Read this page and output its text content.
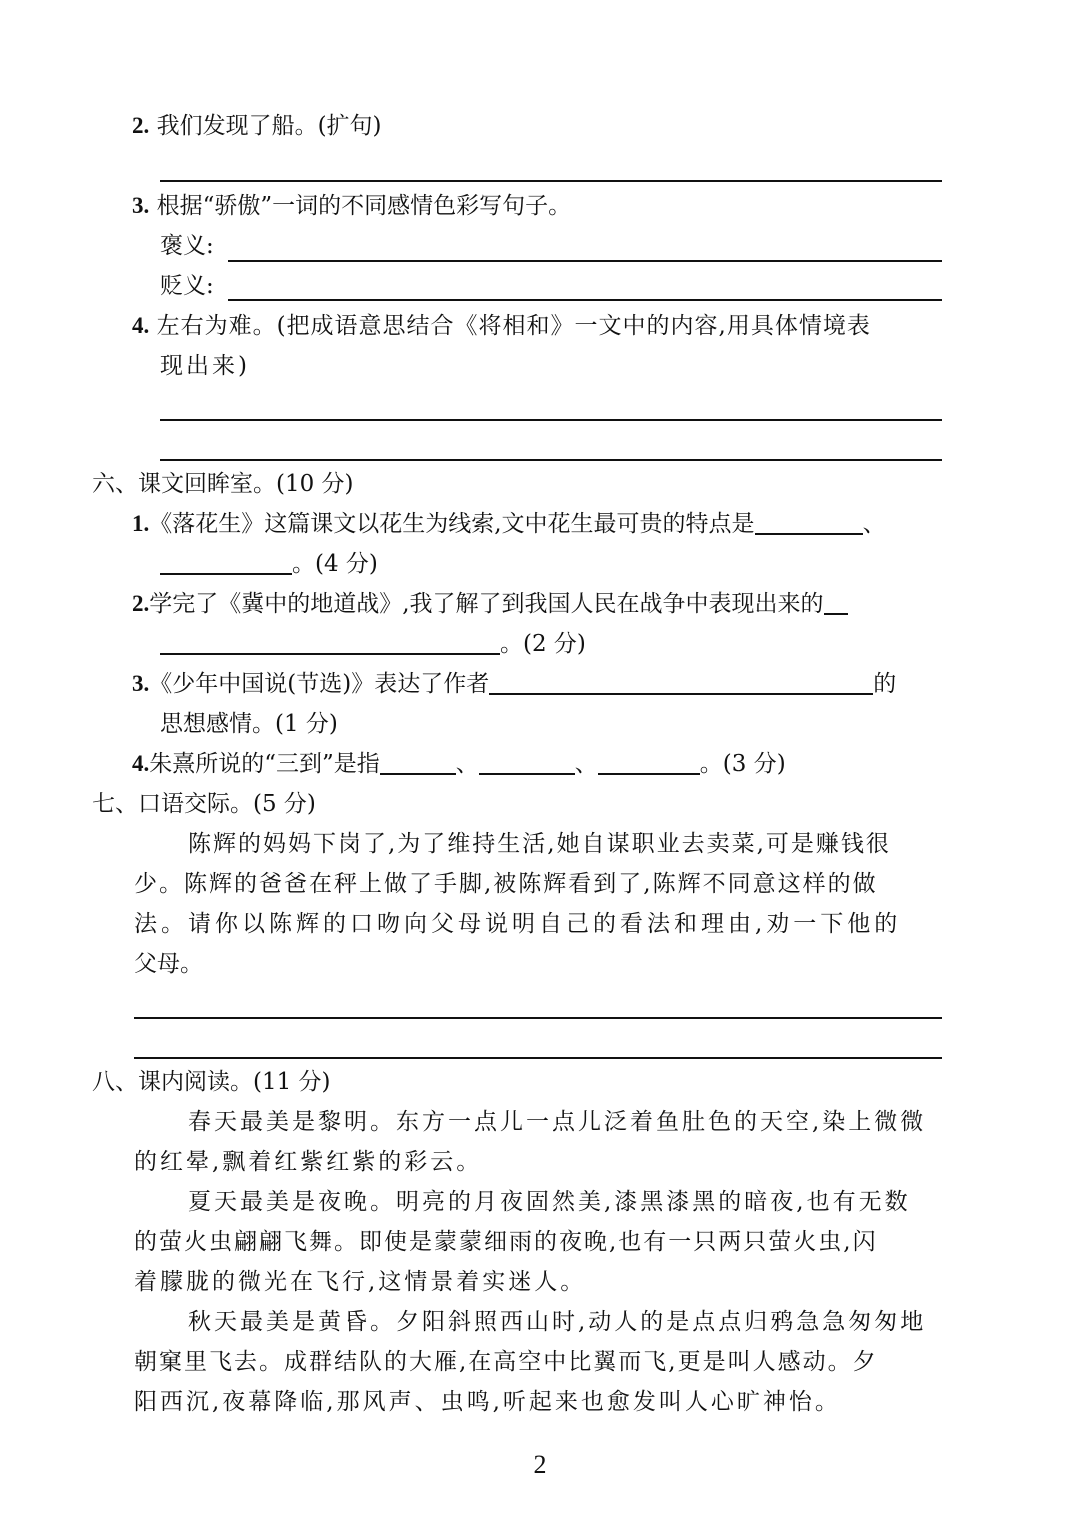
2. 我们发现了船。(扩句)
3. 根据“骄傲”一词的不同感情色彩写句子。
褒义:
贬义:
4. 左右为难。(把成语意思结合《将相和》一文中的内容,用具体情境表
现出来)
六、课文回眸室。(10 分)
1.《落花生》这篇课文以花生为线索,文中花生最可贵的特点是	、
。(4 分)
2.学完了《冀中的地道战》,我了解了到我国人民在战争中表现出来的
。(2 分)
3.《少年中国说(节选)》表达了作者	的
思想感情。(1 分)
4.朱熹所说的“三到”是指	、	、	。(3 分)
七、口语交际。(5 分)
陈辉的妈妈下岗了,为了维持生活,她自谋职业去卖菜,可是赚钱很
少。陈辉的爸爸在秤上做了手脚,被陈辉看到了,陈辉不同意这样的做
法。请你以陈辉的口吻向父母说明自己的看法和理由,劝一下他的
父母。
八、课内阅读。(11 分)
春天最美是黎明。东方一点儿一点儿泛着鱼肚色的天空,染上微微
的红晕,飘着红紫红紫的彩云。
夏天最美是夜晚。明亮的月夜固然美,漆黑漆黑的暗夜,也有无数
的萤火虫翩翩飞舞。即使是蒙蒙细雨的夜晚,也有一只两只萤火虫,闪
着朦胧的微光在飞行,这情景着实迷人。
秋天最美是黄昏。夕阳斜照西山时,动人的是点点归鸦急急匆匆地
朝窠里飞去。成群结队的大雁,在高空中比翼而飞,更是叫人感动。夕
阳西沉,夜幕降临,那风声、虫鸣,听起来也愈发叫人心旷神怡。
2
